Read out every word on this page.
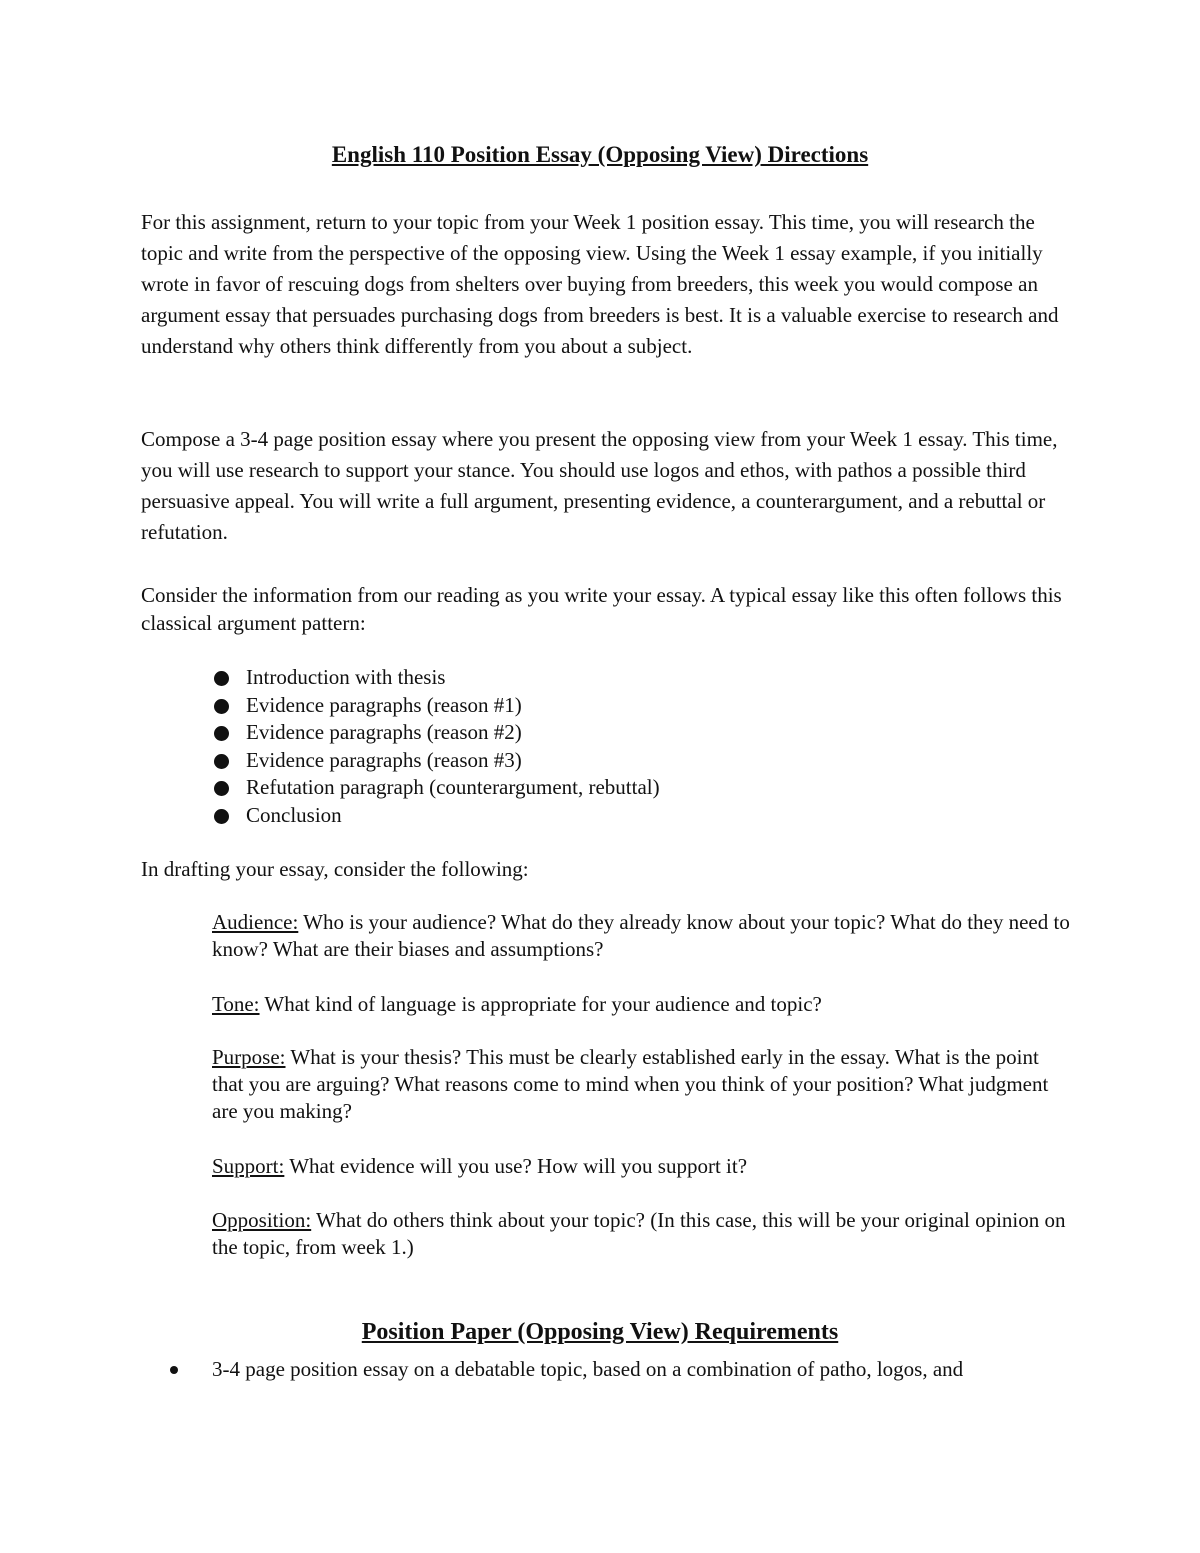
English 110 Position Essay (Opposing View) Directions

For this assignment, return to your topic from your Week 1 position essay. This time, you will research the topic and write from the perspective of the opposing view. Using the Week 1 essay example, if you initially wrote in favor of rescuing dogs from shelters over buying from breeders, this week you would compose an argument essay that persuades purchasing dogs from breeders is best. It is a valuable exercise to research and understand why others think differently from you about a subject.

Compose a 3-4 page position essay where you present the opposing view from your Week 1 essay. This time, you will use research to support your stance. You should use logos and ethos, with pathos a possible third persuasive appeal. You will write a full argument, presenting evidence, a counterargument, and a rebuttal or refutation.

Consider the information from our reading as you write your essay. A typical essay like this often follows this classical argument pattern:

Introduction with thesis
Evidence paragraphs (reason #1)
Evidence paragraphs (reason #2)
Evidence paragraphs (reason #3)
Refutation paragraph (counterargument, rebuttal)
Conclusion

In drafting your essay, consider the following:

Audience: Who is your audience? What do they already know about your topic? What do they need to know? What are their biases and assumptions?

Tone: What kind of language is appropriate for your audience and topic?

Purpose: What is your thesis? This must be clearly established early in the essay. What is the point that you are arguing? What reasons come to mind when you think of your position? What judgment are you making?

Support: What evidence will you use? How will you support it?

Opposition: What do others think about your topic? (In this case, this will be your original opinion on the topic, from week 1.)

Position Paper (Opposing View) Requirements
3-4 page position essay on a debatable topic, based on a combination of patho, logos, and
